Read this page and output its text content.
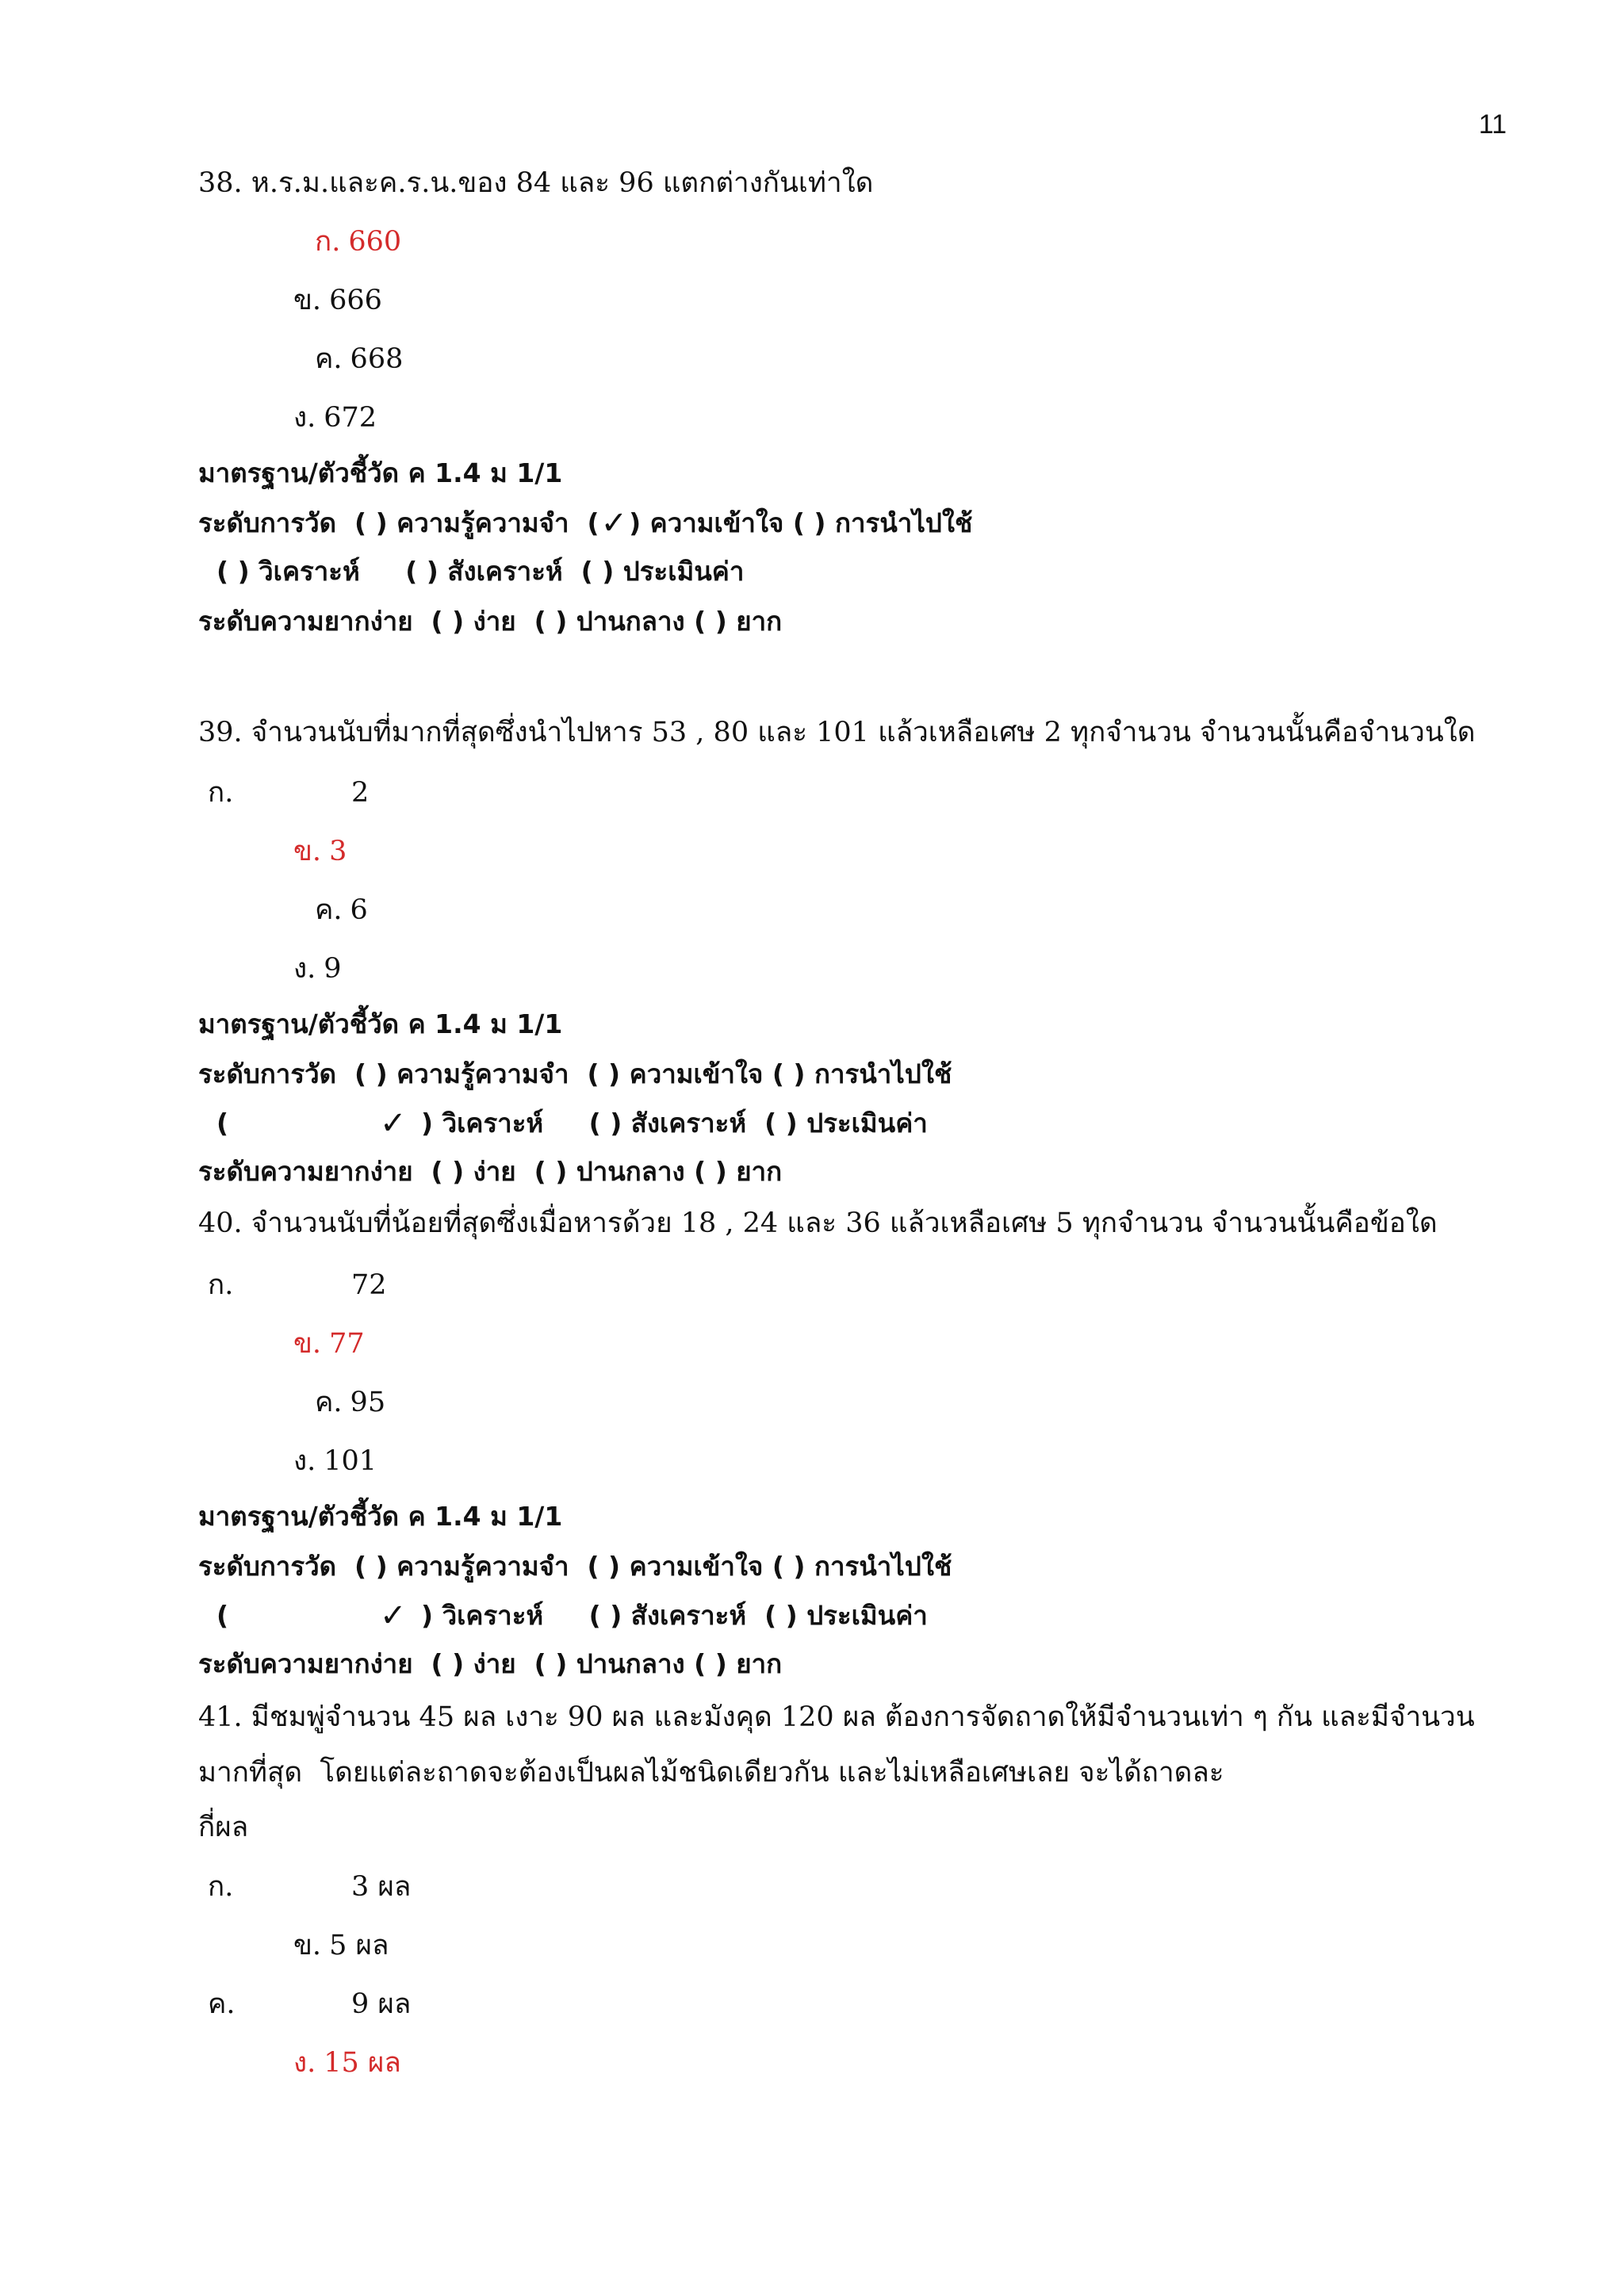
11
38. ห.ร.ม.และค.ร.น.ของ 84 และ 96 แตกต่างกันเท่าใด
ก. 660
ข. 666
ค. 668
ง. 672
มาตรฐาน/ตัวชี้วัด ค 1.4 ม 1/1
ระดับการวัด  ( ) ความรู้ความจำ  (✓) ความเข้าใจ ( ) การนำไปใช้
( ) วิเคราะห์     ( ) สังเคราะห์  ( ) ประเมินค่า
ระดับความยากง่าย  ( ) ง่าย  ( ) ปานกลาง ( ) ยาก
39. จำนวนนับที่มากที่สุดซึ่งนำไปหาร 53 , 80 และ 101 แล้วเหลือเศษ 2 ทุกจำนวน จำนวนนั้นคือจำนวนใด
ก.	2
ข. 3
ค. 6
ง. 9
มาตรฐาน/ตัวชี้วัด ค 1.4 ม 1/1
ระดับการวัด  ( ) ความรู้ความจำ  ( ) ความเข้าใจ ( ) การนำไปใช้
(	✓ ) วิเคราะห์     ( ) สังเคราะห์  ( ) ประเมินค่า
ระดับความยากง่าย  ( ) ง่าย  ( ) ปานกลาง ( ) ยาก
40. จำนวนนับที่น้อยที่สุดซึ่งเมื่อหารด้วย 18 , 24 และ 36 แล้วเหลือเศษ 5 ทุกจำนวน จำนวนนั้นคือข้อใด
ก.	72
ข. 77
ค. 95
ง. 101
มาตรฐาน/ตัวชี้วัด ค 1.4 ม 1/1
ระดับการวัด  ( ) ความรู้ความจำ  ( ) ความเข้าใจ ( ) การนำไปใช้
(	✓ ) วิเคราะห์     ( ) สังเคราะห์  ( ) ประเมินค่า
ระดับความยากง่าย  ( ) ง่าย  ( ) ปานกลาง ( ) ยาก
41. มีชมพู่จำนวน 45 ผล เงาะ 90 ผล และมังคุด 120 ผล ต้องการจัดถาดให้มีจำนวนเท่า ๆ กัน และมีจำนวน
มากที่สุด  โดยแต่ละถาดจะต้องเป็นผลไม้ชนิดเดียวกัน และไม่เหลือเศษเลย จะได้ถาดละ
กี่ผล
ก.	3 ผล
ข. 5 ผล
ค.	9 ผล
ง. 15 ผล
